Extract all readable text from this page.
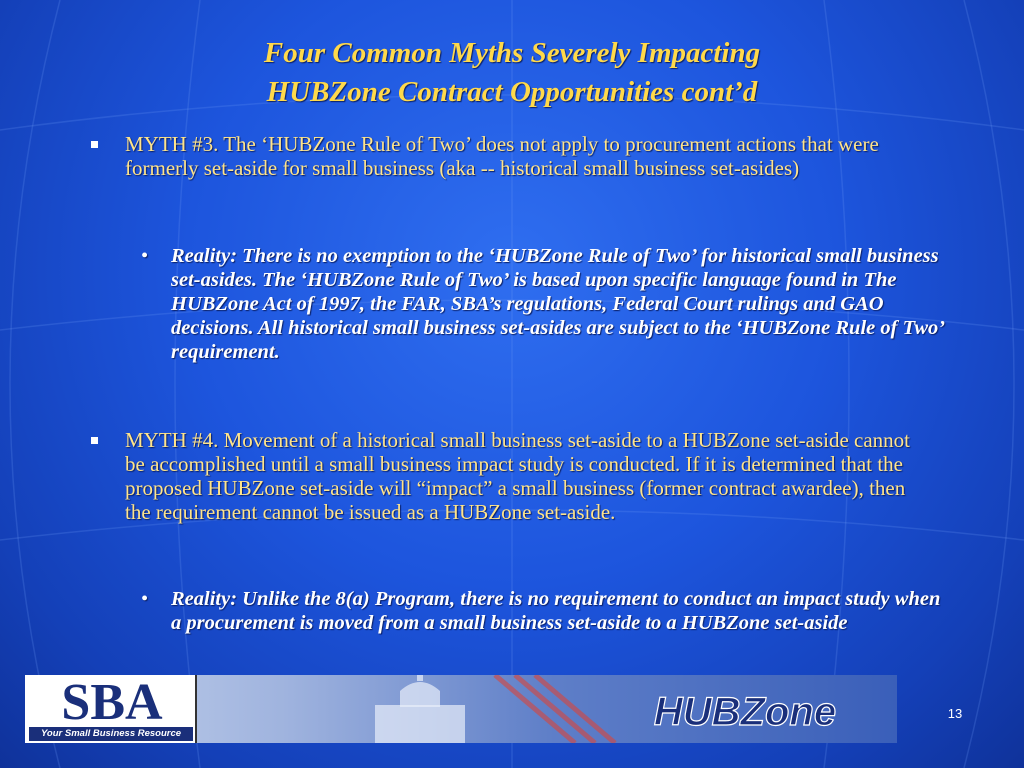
Four Common Myths Severely Impacting
HUBZone Contract Opportunities cont’d
MYTH #3. The ‘HUBZone Rule of Two’ does not apply to procurement actions that were formerly set-aside for small business (aka -- historical small business set-asides)
• Reality: There is no exemption to the ‘HUBZone Rule of Two’ for historical small business set-asides. The ‘HUBZone Rule of Two’ is based upon specific language found in The HUBZone Act of 1997, the FAR, SBA’s regulations, Federal Court rulings and GAO decisions. All historical small business set-asides are subject to the ‘HUBZone Rule of Two’ requirement.
MYTH #4. Movement of a historical small business set-aside to a HUBZone set-aside cannot be accomplished until a small business impact study is conducted. If it is determined that the proposed HUBZone set-aside will “impact” a small business (former contract awardee), then the requirement cannot be issued as a HUBZone set-aside.
• Reality: Unlike the 8(a) Program, there is no requirement to conduct an impact study when a procurement is moved from a small business set-aside to a HUBZone set-aside
SBA
Your Small Business Resource	HUBZone	13
